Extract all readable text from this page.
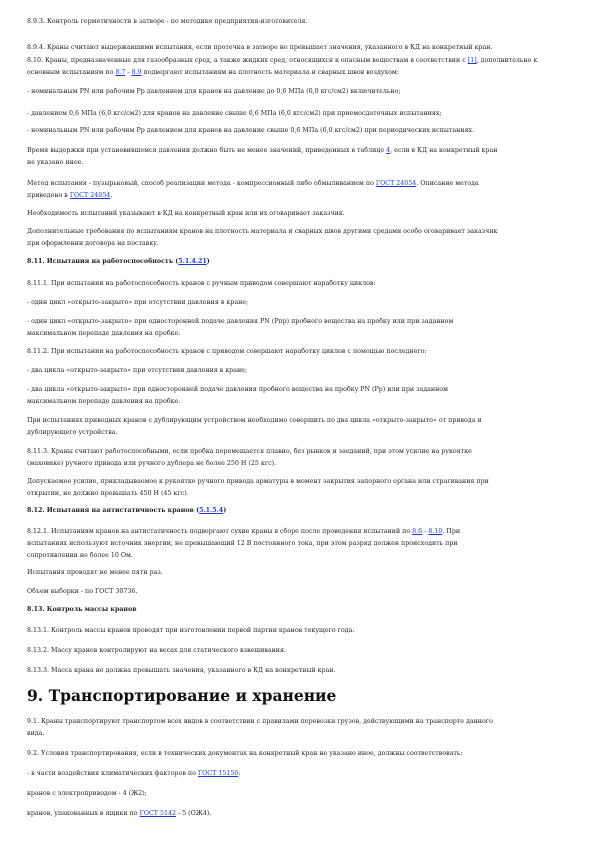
8.9.3. Контроль герметичности в затворе - по методике предприятия-изготовителя.

8.9.4. Краны считают выдержавшими испытания, если протечка в затворе не превышает значения, указанного в КД на конкретный кран.

8.10. Краны, предназначенные для газообразных сред, а также жидких сред, относящихся к опасным веществам в соответствии с [1], дополнительно к основным испытаниям по 8.7 - 8.9 подвергают испытаниям на плотность материала и сварных швов воздухом:

- номинальным PN или рабочим Рр давлением для кранов на давление до 0,6 МПа (6,0 кгс/см2) включительно;

- давлением 0,6 МПа (6,0 кгс/см2) для кранов на давление свыше 0,6 МПа (6,0 кгс/см2) при приемосдаточных испытаниях;

- номинальным PN или рабочим Рр давлением для кранов на давление свыше 0,6 МПа (6,0 кгс/см2) при периодических испытаниях.

Время выдержки при установившемся давлении должно быть не менее значений, приведенных в таблице 4, если в КД на конкретный кран
не указано иное.

Метод испытания - пузырьковый, способ реализации метода - компрессионный либо обмыливанием по ГОСТ 24054. Описание метода
приведено в ГОСТ 24054.

Необходимость испытаний указывают в КД на конкретный кран или их оговаривает заказчик.

Дополнительные требования по испытаниям кранов на плотность материала и сварных швов другими средами особо оговаривает заказчик
при оформлении договора на поставку.

8.11. Испытания на работоспособность (5.1.4.21)

8.11.1. При испытании на работоспособность кранов с ручным приводом совершают наработку циклов:

- один цикл «открыто-закрыто» при отсутствии давления в кране;

- один цикл «открыто-закрыто» при односторонней подаче давления PN (Рпр) пробного вещества на пробку или при заданном
максимальном перепаде давления на пробке.

8.11.2. При испытании на работоспособность кранов с приводом совершают наработку циклов с помощью последнего:

- два цикла «открыто-закрыто» при отсутствии давления в кране;

- два цикла «открыто-закрыто» при односторонней подаче давления пробного вещества на пробку PN (Рр) или при заданном
максимальном перепаде давления на пробке.

При испытаниях приводных кранов с дублирующим устройством необходимо совершить по два цикла «открыто-закрыто» от привода и
дублирующего устройства.

8.11.3. Краны считают работоспособными, если пробка перемещается плавно, без рывков и заеданий, при этом усилие на рукоятке
(маховике) ручного привода или ручного дублера не более 250 Н (25 кгс).

Допускаемое усилие, прикладываемое к рукоятке ручного привода арматуры в момент закрытия запорного органа или страгивания при
открытии, не должно превышать 450 Н (45 кгс).

8.12. Испытания на антистатичность кранов (5.1.5.4)

8.12.1. Испытаниям кранов на антистатичность подвергают сухие краны в сборе после проведения испытаний по 8.6 - 8.10. При
испытаниях используют источник энергии, не превышающий 12 В постоянного тока, при этом разряд должен происходить при
сопротивлении не более 10 Ом.

Испытания проводят не менее пяти раз.

Объем выборки - по ГОСТ 30736.

8.13. Контроль массы кранов

8.13.1. Контроль массы кранов проводят при изготовлении первой партии кранов текущего года.

8.13.2. Массу кранов контролируют на весах для статического взвешивания.

8.13.3. Масса крана не должна превышать значения, указанного в КД на конкретный кран.

9. Транспортирование и хранение

9.1. Краны транспортируют транспортом всех видов в соответствии с правилами перевозки грузов, действующими на транспорте данного
вида.

9.2. Условия транспортирования, если в технических документах на конкретный кран не указано иное, должны соответствовать:

- в части воздействия климатических факторов по ГОСТ 15150:

кранов с электроприводом - 4 (Ж2);

кранов, упакованных в ящики по ГОСТ 5142 - 5 (ОЖ4).
